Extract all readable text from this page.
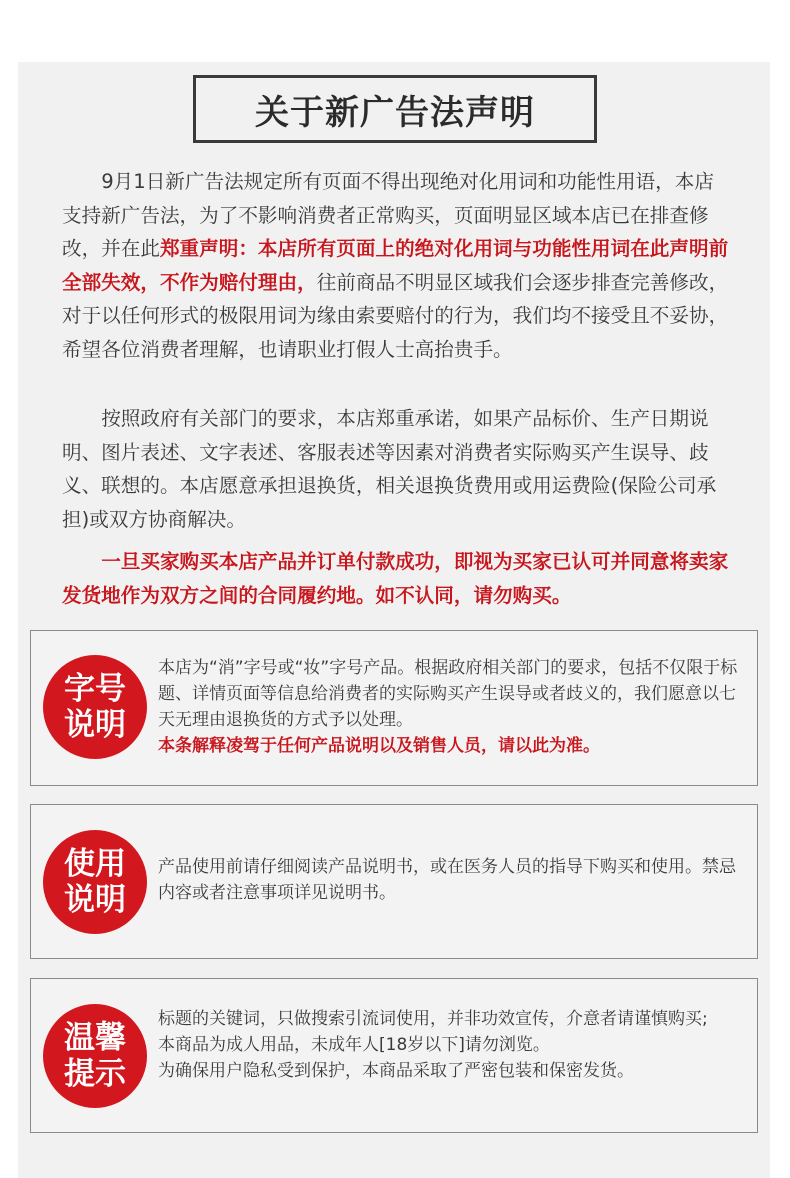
关于新广告法声明

9月1日新广告法规定所有页面不得出现绝对化用词和功能性用语，本店支持新广告法，为了不影响消费者正常购买，页面明显区域本店已在排查修改，并在此郑重声明：本店所有页面上的绝对化用词与功能性用词在此声明前全部失效，不作为赔付理由，往前商品不明显区域我们会逐步排查完善修改，对于以任何形式的极限用词为缘由索要赔付的行为，我们均不接受且不妥协，希望各位消费者理解，也请职业打假人士高抬贵手。

按照政府有关部门的要求，本店郑重承诺，如果产品标价、生产日期说明、图片表述、文字表述、客服表述等因素对消费者实际购买产生误导、歧义、联想的。本店愿意承担退换货，相关退换货费用或用运费险(保险公司承担)或双方协商解决。

一旦买家购买本店产品并订单付款成功，即视为买家已认可并同意将卖家发货地作为双方之间的合同履约地。如不认同，请勿购买。

字号
说明
本店为“消”字号或“妆”字号产品。根据政府相关部门的要求，包括不仅限于标题、详情页面等信息给消费者的实际购买产生误导或者歧义的，我们愿意以七天无理由退换货的方式予以处理。
本条解释凌驾于任何产品说明以及销售人员，请以此为准。
使用
说明
产品使用前请仔细阅读产品说明书，或在医务人员的指导下购买和使用。禁忌内容或者注意事项详见说明书。
温馨
提示
标题的关键词，只做搜索引流词使用，并非功效宣传，介意者请谨慎购买;
本商品为成人用品，未成年人[18岁以下]请勿浏览。
为确保用户隐私受到保护，本商品采取了严密包装和保密发货。
